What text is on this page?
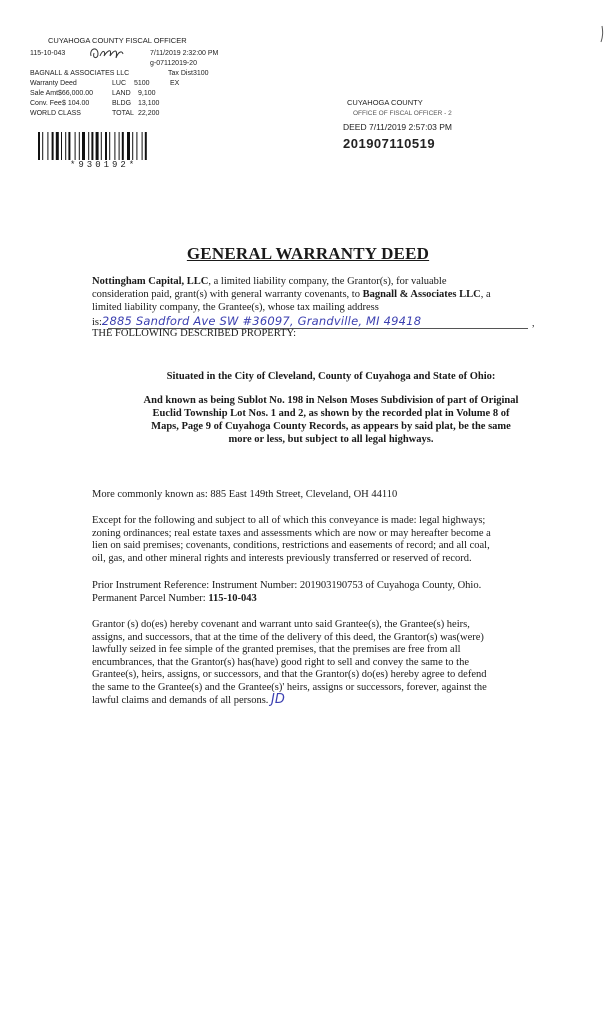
CUYAHOGA COUNTY FISCAL OFFICER
115-10-043	7/11/2019 2:32:00 PM
g-07112019-20
BAGNALL & ASSOCIATES LLC	Tax Dist 3100
Warranty Deed	LUC 5100	EX
Sale Amt $66,000.00	LAND 9,100
Conv. Fee $ 104.00	BLDG 13,100
WORLD CLASS	TOTAL 22,200
*930192*
CUYAHOGA COUNTY
OFFICE OF FISCAL OFFICER - 2
DEED 7/11/2019 2:57:03 PM
201907110519
GENERAL WARRANTY DEED
Nottingham Capital, LLC, a limited liability company, the Grantor(s), for valuable
consideration paid, grant(s) with general warranty covenants, to Bagnall & Associates LLC, a
limited liability company, the Grantee(s), whose tax mailing address
is:2885 Sandford Ave SW #36097, Grandville, MI 49418	,
THE FOLLOWING DESCRIBED PROPERTY:
Situated in the City of Cleveland, County of Cuyahoga and State of Ohio:
And known as being Sublot No. 198 in Nelson Moses Subdivision of part of Original
Euclid Township Lot Nos. 1 and 2, as shown by the recorded plat in Volume 8 of
Maps, Page 9 of Cuyahoga County Records, as appears by said plat, be the same
more or less, but subject to all legal highways.
More commonly known as: 885 East 149th Street, Cleveland, OH 44110
Except for the following and subject to all of which this conveyance is made: legal highways;
zoning ordinances; real estate taxes and assessments which are now or may hereafter become a
lien on said premises; covenants, conditions, restrictions and easements of record; and all coal,
oil, gas, and other mineral rights and interests previously transferred or reserved of record.
Prior Instrument Reference: Instrument Number: 201903190753 of Cuyahoga County, Ohio.
Permanent Parcel Number: 115-10-043
Grantor (s) do(es) hereby covenant and warrant unto said Grantee(s), the Grantee(s) heirs,
assigns, and successors, that at the time of the delivery of this deed, the Grantor(s) was(were)
lawfully seized in fee simple of the granted premises, that the premises are free from all
encumbrances, that the Grantor(s) has(have) good right to sell and convey the same to the
Grantee(s), heirs, assigns, or successors, and that the Grantor(s) do(es) hereby agree to defend
the same to the Grantee(s) and the Grantee(s)' heirs, assigns or successors, forever, against the
lawful claims and demands of all persons. JD
